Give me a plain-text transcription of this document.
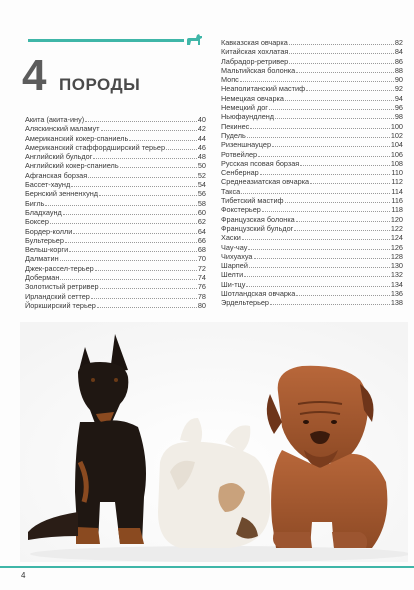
4 ПОРОДЫ
Акита (акита-ину)	40
Аляскинский маламут	42
Американский кокер-спаниель	44
Американский стаффордширский терьер	46
Английский бульдог	48
Английский кокер-спаниель	50
Афганская борзая	52
Бассет-хаунд	54
Бернский зенненхунд	56
Бигль	58
Бладхаунд	60
Боксер	62
Бордер-колли	64
Бультерьер	66
Вельш-корги	68
Далматин	70
Джек-рассел-терьер	72
Доберман	74
Золотистый ретривер	76
Ирландский сеттер	78
Йоркширский терьер	80
Кавказская овчарка	82
Китайская хохлатая	84
Лабрадор-ретривер	86
Мальтийская болонка	88
Мопс	90
Неаполитанский мастиф	92
Немецкая овчарка	94
Немецкий дог	96
Ньюфаундленд	98
Пекинес	100
Пудель	102
Ризеншнауцер	104
Ротвейлер	106
Русская псовая борзая	108
Сенбернар	110
Среднеазиатская овчарка	112
Такса	114
Тибетский мастиф	116
Фокстерьер	118
Французская болонка	120
Французский бульдог	122
Хаски	124
Чау-чау	126
Чихуахуа	128
Шарпей	130
Шелти	132
Ши-тцу	134
Шотландская овчарка	136
Эрдельтерьер	138
4
